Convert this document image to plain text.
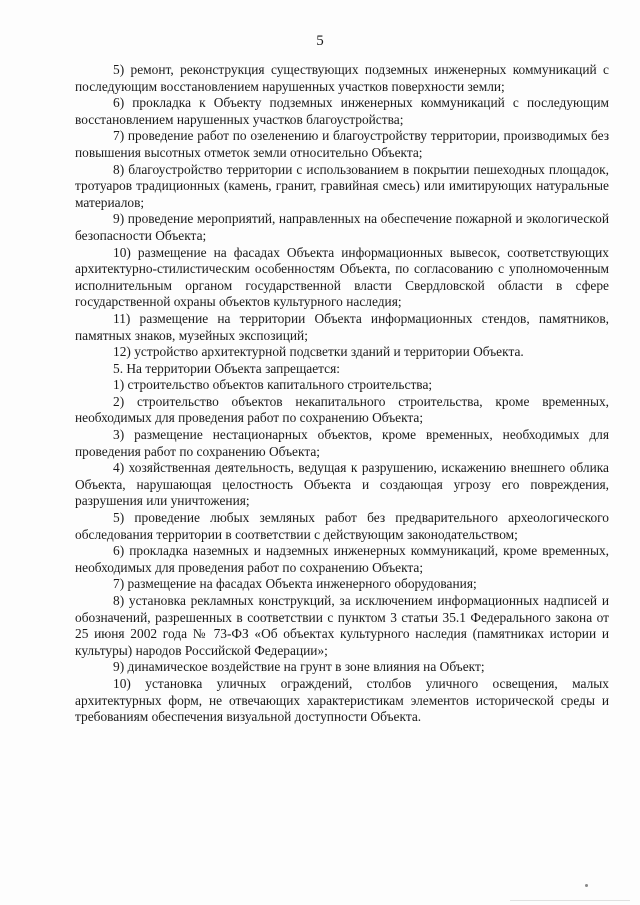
5

5) ремонт, реконструкция существующих подземных инженерных коммуникаций с последующим восстановлением нарушенных участков поверхности земли;

6) прокладка к Объекту подземных инженерных коммуникаций с последующим восстановлением нарушенных участков благоустройства;

7) проведение работ по озеленению и благоустройству территории, производимых без повышения высотных отметок земли относительно Объекта;

8) благоустройство территории с использованием в покрытии пешеходных площадок, тротуаров традиционных (камень, гранит, гравийная смесь) или имитирующих натуральные материалов;

9) проведение мероприятий, направленных на обеспечение пожарной и экологической безопасности Объекта;

10) размещение на фасадах Объекта информационных вывесок, соответствующих архитектурно-стилистическим особенностям Объекта, по согласованию с уполномоченным исполнительным органом государственной власти Свердловской области в сфере государственной охраны объектов культурного наследия;

11) размещение на территории Объекта информационных стендов, памятников, памятных знаков, музейных экспозиций;

12) устройство архитектурной подсветки зданий и территории Объекта.

5. На территории Объекта запрещается:

1) строительство объектов капитального строительства;

2) строительство объектов некапитального строительства, кроме временных, необходимых для проведения работ по сохранению Объекта;

3) размещение нестационарных объектов, кроме временных, необходимых для проведения работ по сохранению Объекта;

4) хозяйственная деятельность, ведущая к разрушению, искажению внешнего облика Объекта, нарушающая целостность Объекта и создающая угрозу его повреждения, разрушения или уничтожения;

5) проведение любых земляных работ без предварительного археологического обследования территории в соответствии с действующим законодательством;

6) прокладка наземных и надземных инженерных коммуникаций, кроме временных, необходимых для проведения работ по сохранению Объекта;

7) размещение на фасадах Объекта инженерного оборудования;

8) установка рекламных конструкций, за исключением информационных надписей и обозначений, разрешенных в соответствии с пунктом 3 статьи 35.1 Федерального закона от 25 июня 2002 года № 73-ФЗ «Об объектах культурного наследия (памятниках истории и культуры) народов Российской Федерации»;

9) динамическое воздействие на грунт в зоне влияния на Объект;

10) установка уличных ограждений, столбов уличного освещения, малых архитектурных форм, не отвечающих характеристикам элементов исторической среды и требованиям обеспечения визуальной доступности Объекта.
